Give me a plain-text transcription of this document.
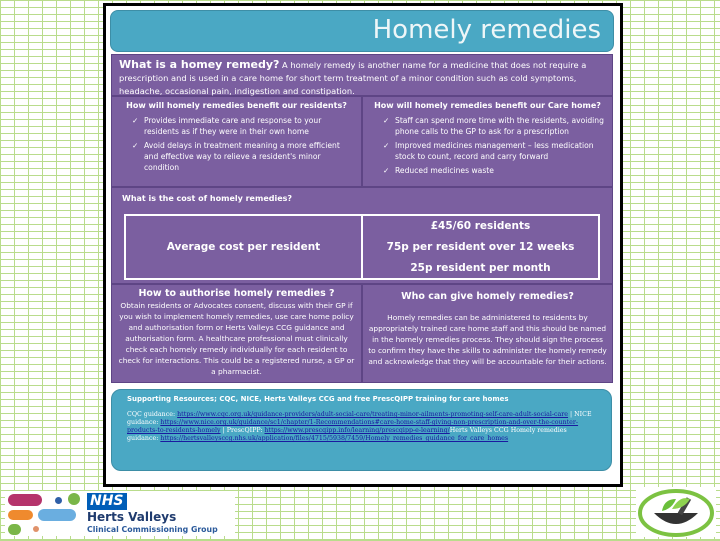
Homely remedies
What is a homey remedy? A homely remedy is another name for a medicine that does not require a prescription and is used in a care home for short term treatment of a minor condition such as cold symptoms, headache, occasional pain, indigestion and constipation.
How will homely remedies benefit our residents?
✓ Provides immediate care and response to your residents as if they were in their own home
✓ Avoid delays in treatment meaning a more efficient and effective way to relieve a resident's minor condition
How will homely remedies benefit our Care home?
✓ Staff can spend more time with the residents, avoiding phone calls to the GP to ask for a prescription
✓ Improved medicines management – less medication stock to count, record and carry forward
✓ Reduced medicines waste
What is the cost of homely remedies?
Average cost per resident
£45/60 residents
75p per resident over 12 weeks
25p resident per month
How to authorise homely remedies ?
Obtain residents or Advocates consent, discuss with their GP if you wish to implement homely remedies, use care home policy and authorisation form or Herts Valleys CCG guidance and authorisation form. A healthcare professional must clinically check each homely remedy individually for each resident to check for interactions. This could be a registered nurse, a GP or a pharmacist.
Who can give homely remedies?
Homely remedies can be administered to residents by appropriately trained care home staff and this should be named in the homely remedies process. They should sign the process to confirm they have the skills to administer the homely remedy and acknowledge that they will be accountable for their actions.
Supporting Resources; CQC, NICE, Herts Valleys CCG and free PrescQIPP training for care homes

CQC guidance: https://www.cqc.org.uk/guidance-providers/adult-social-care/treating-minor-ailments-promoting-self-care-adult-social-care | NICE guidance: https://www.nice.org.uk/guidance/sc1/chapter/1-Recommendations#care-home-staff-giving-non-prescription-and-over-the-counter-products-to-residents-homely | PrescQIPP: https://www.prescqipp.info/learning/prescqipp-e-learning/Herts Valleys CCG Homely remedies guidance: https://hertsvalleysccg.nhs.uk/application/files/4715/5938/7459/Homely_remedies_guidance_for_care_homes

NHS
Herts Valleys
Clinical Commissioning Group
